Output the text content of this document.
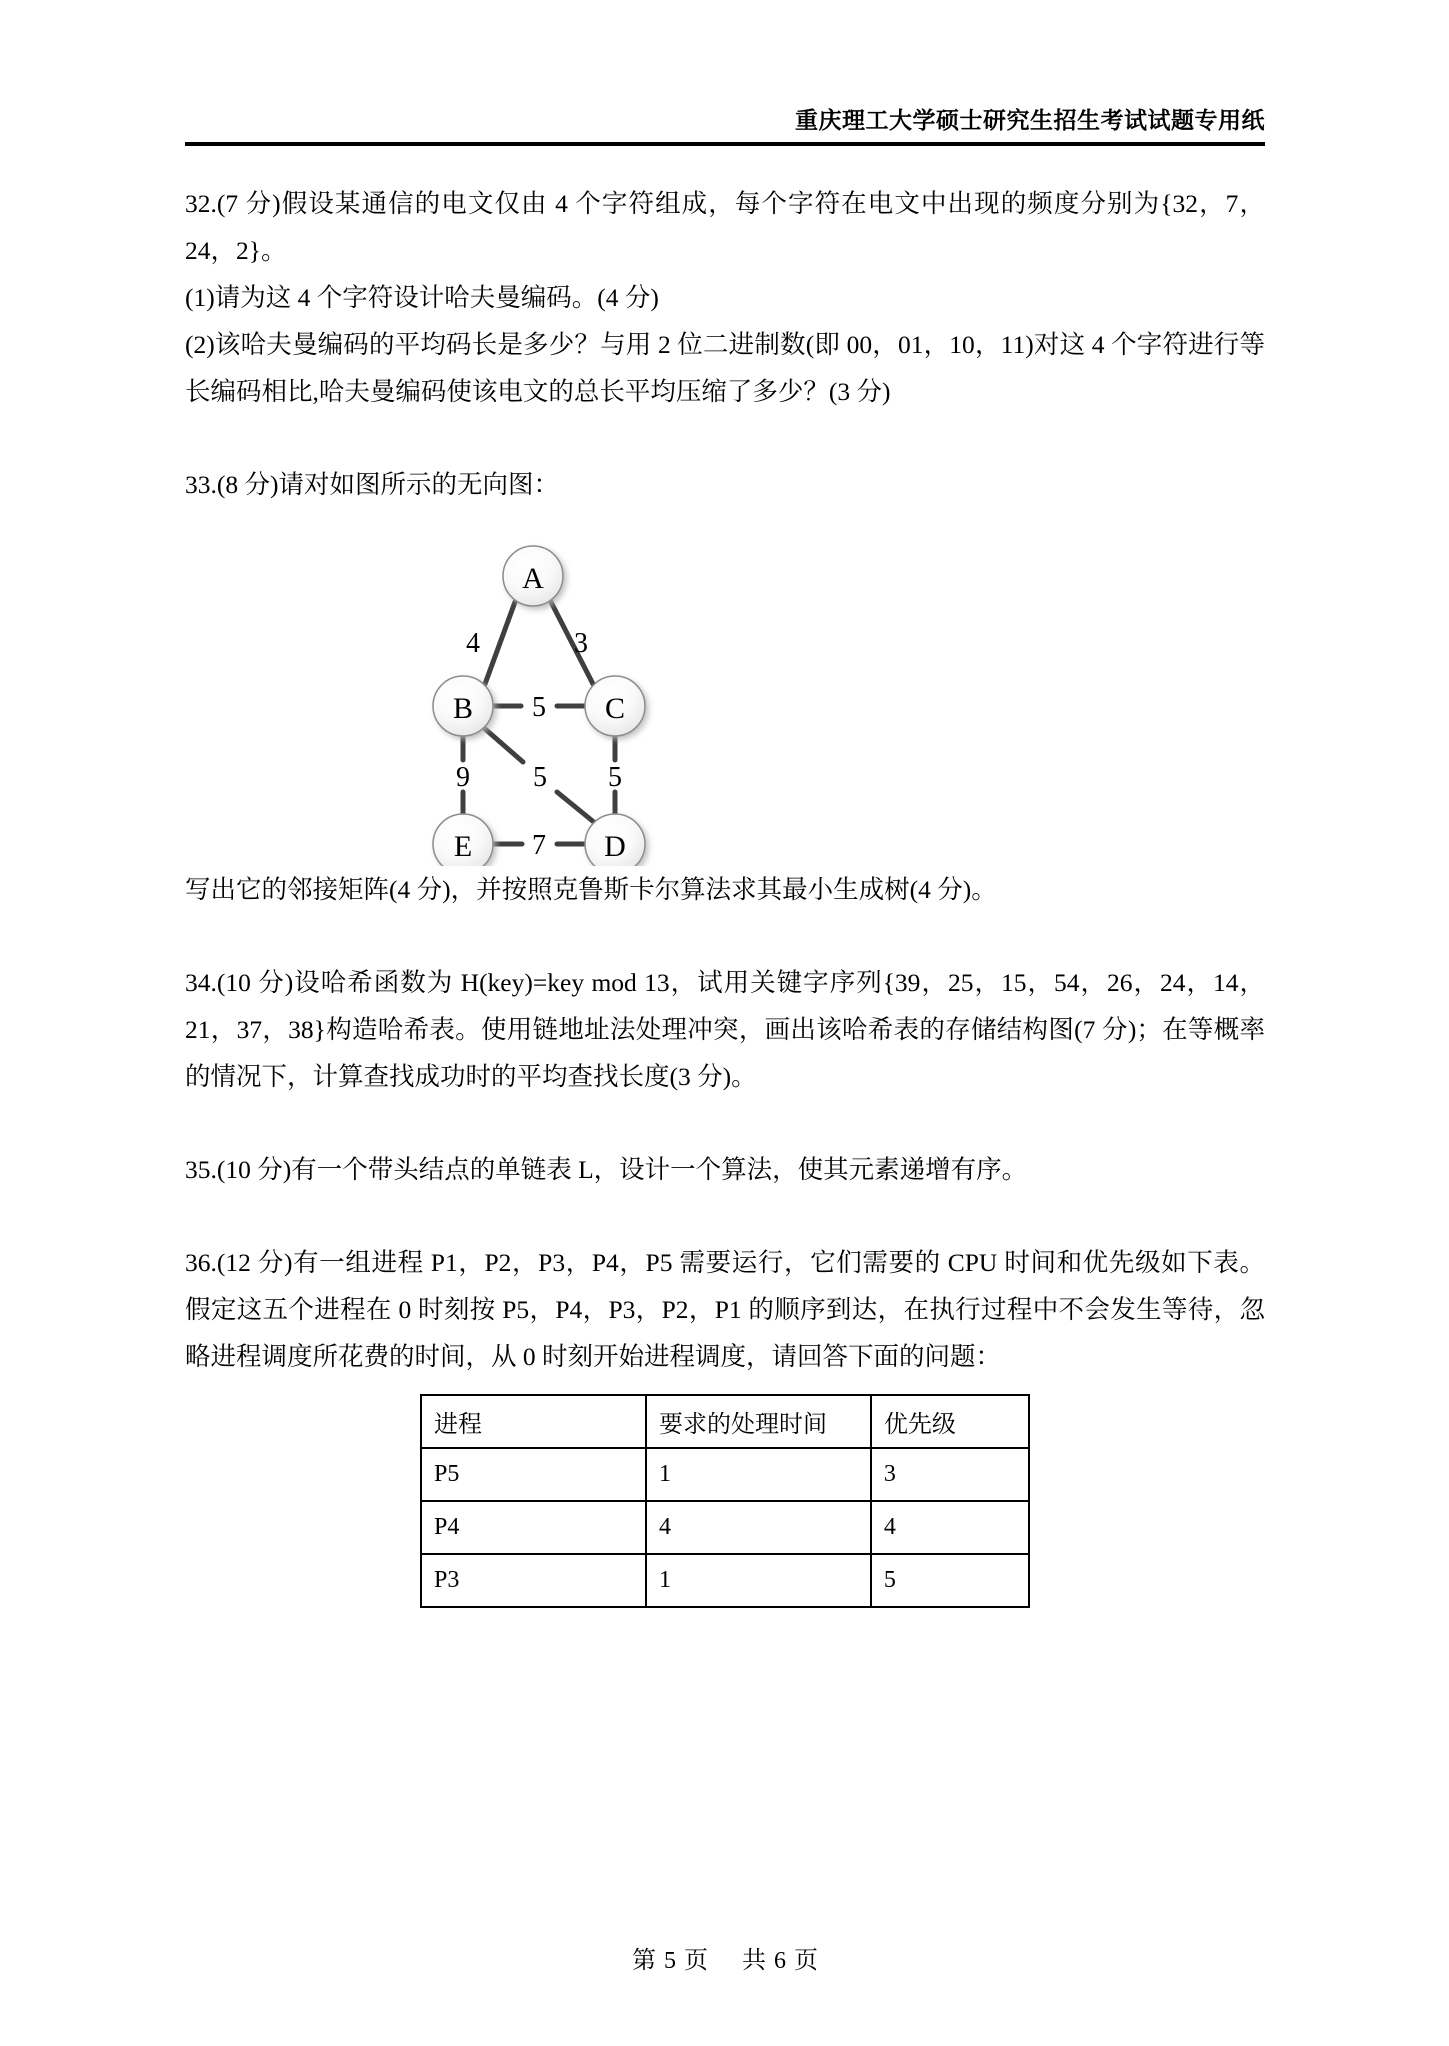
重庆理工大学硕士研究生招生考试试题专用纸

32.(7 分)假设某通信的电文仅由 4 个字符组成，每个字符在电文中出现的频度分别为{32，7，24，2}。

(1)请为这 4 个字符设计哈夫曼编码。(4 分)

(2)该哈夫曼编码的平均码长是多少？与用 2 位二进制数(即 00，01，10，11)对这 4 个字符进行等长编码相比,哈夫曼编码使该电文的总长平均压缩了多少？(3 分)

33.(8 分)请对如图所示的无向图：

4	3
5
9 5 5
7
A
B	C
E	D

写出它的邻接矩阵(4 分)，并按照克鲁斯卡尔算法求其最小生成树(4 分)。

34.(10 分)设哈希函数为 H(key)=key mod 13，试用关键字序列{39，25，15，54，26，24，14，21，37，38}构造哈希表。使用链地址法处理冲突，画出该哈希表的存储结构图(7 分)；在等概率的情况下，计算查找成功时的平均查找长度(3 分)。

35.(10 分)有一个带头结点的单链表 L，设计一个算法，使其元素递增有序。

36.(12 分)有一组进程 P1，P2，P3，P4，P5 需要运行，它们需要的 CPU 时间和优先级如下表。假定这五个进程在 0 时刻按 P5，P4，P3，P2，P1 的顺序到达，在执行过程中不会发生等待，忽略进程调度所花费的时间，从 0 时刻开始进程调度，请回答下面的问题：

进程	要求的处理时间	优先级
P5	1	3
P4	4	4
P3	1	5
第 5 页 共 6 页
